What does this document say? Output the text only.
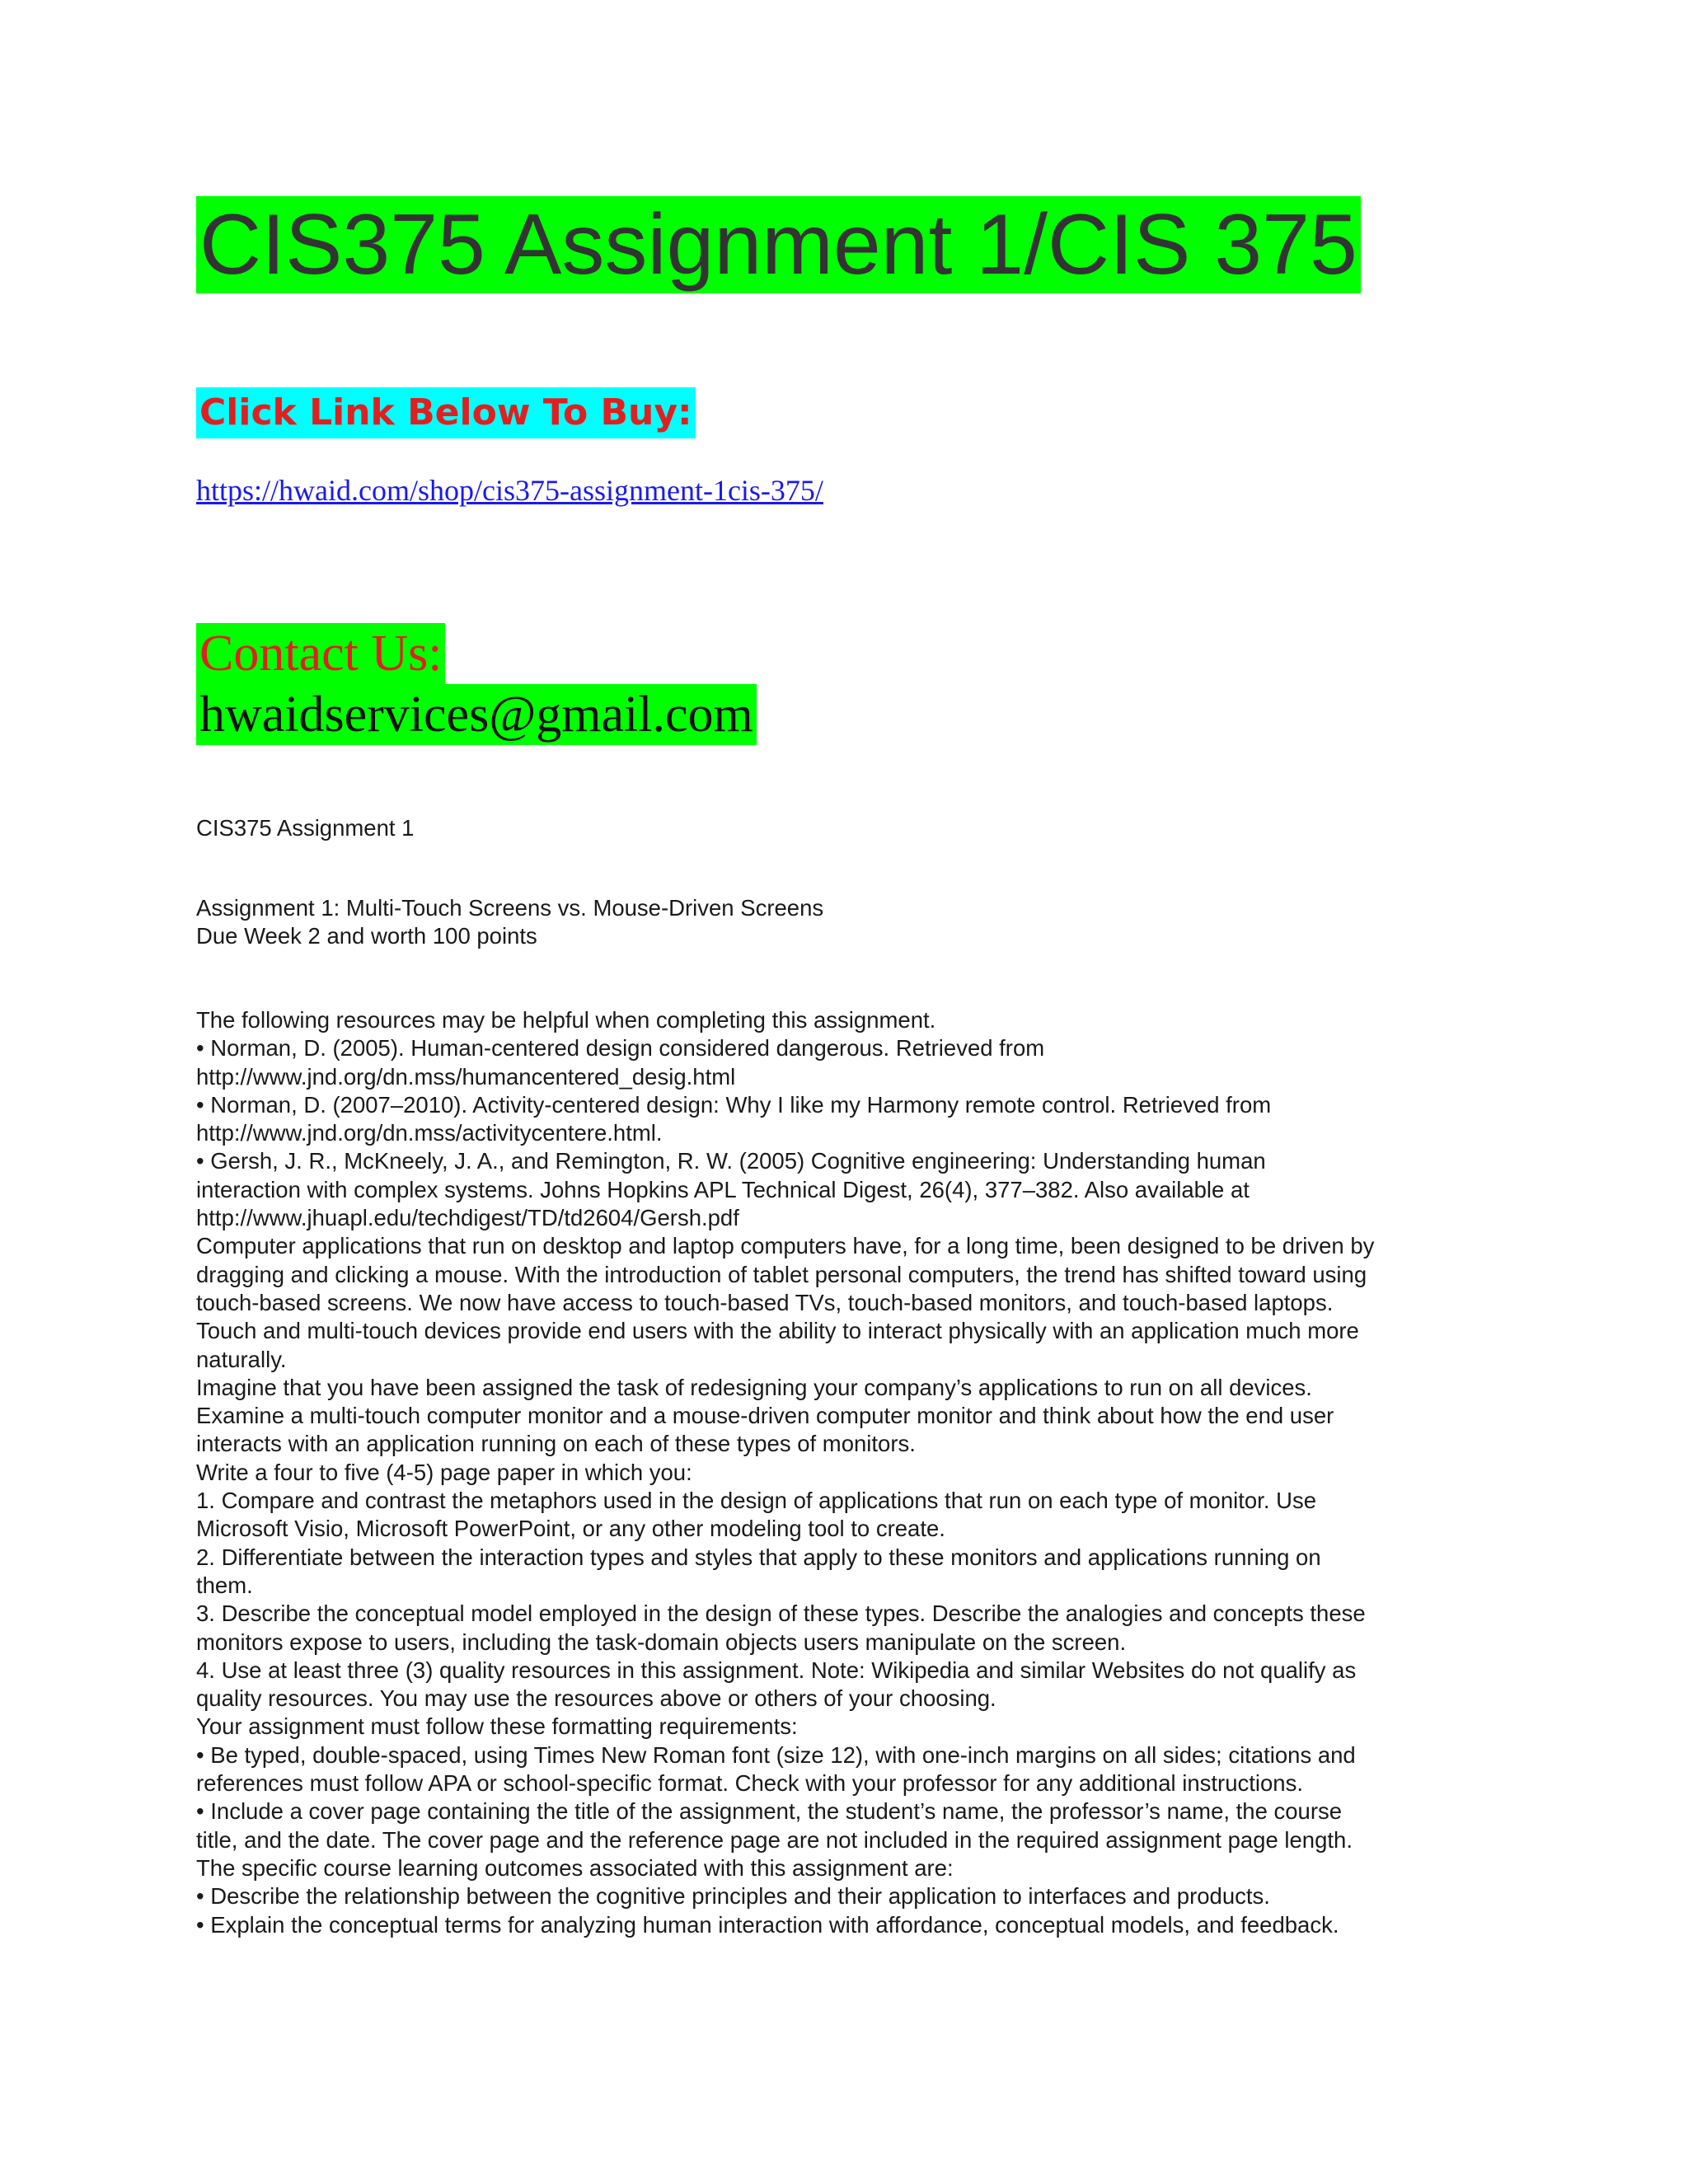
CIS375 Assignment 1/CIS 375
Click Link Below To Buy:
https://hwaid.com/shop/cis375-assignment-1cis-375/
Contact Us:
hwaidservices@gmail.com

CIS375 Assignment 1

Assignment 1: Multi-Touch Screens vs. Mouse-Driven Screens

Due Week 2 and worth 100 points

The following resources may be helpful when completing this assignment.

• Norman, D. (2005). Human-centered design considered dangerous. Retrieved from

http://www.jnd.org/dn.mss/humancentered_desig.html

• Norman, D. (2007–2010). Activity-centered design: Why I like my Harmony remote control. Retrieved from

http://www.jnd.org/dn.mss/activitycentere.html.

• Gersh, J. R., McKneely, J. A., and Remington, R. W. (2005) Cognitive engineering: Understanding human

interaction with complex systems. Johns Hopkins APL Technical Digest, 26(4), 377–382. Also available at

http://www.jhuapl.edu/techdigest/TD/td2604/Gersh.pdf

Computer applications that run on desktop and laptop computers have, for a long time, been designed to be driven by

dragging and clicking a mouse. With the introduction of tablet personal computers, the trend has shifted toward using

touch-based screens. We now have access to touch-based TVs, touch-based monitors, and touch-based laptops.

Touch and multi-touch devices provide end users with the ability to interact physically with an application much more

naturally.

Imagine that you have been assigned the task of redesigning your company’s applications to run on all devices.

Examine a multi-touch computer monitor and a mouse-driven computer monitor and think about how the end user

interacts with an application running on each of these types of monitors.

Write a four to five (4-5) page paper in which you:

1. Compare and contrast the metaphors used in the design of applications that run on each type of monitor. Use

Microsoft Visio, Microsoft PowerPoint, or any other modeling tool to create.

2. Differentiate between the interaction types and styles that apply to these monitors and applications running on

them.

3. Describe the conceptual model employed in the design of these types. Describe the analogies and concepts these

monitors expose to users, including the task-domain objects users manipulate on the screen.

4. Use at least three (3) quality resources in this assignment. Note: Wikipedia and similar Websites do not qualify as

quality resources. You may use the resources above or others of your choosing.

Your assignment must follow these formatting requirements:

• Be typed, double-spaced, using Times New Roman font (size 12), with one-inch margins on all sides; citations and

references must follow APA or school-specific format. Check with your professor for any additional instructions.

• Include a cover page containing the title of the assignment, the student’s name, the professor’s name, the course

title, and the date. The cover page and the reference page are not included in the required assignment page length.

The specific course learning outcomes associated with this assignment are:

• Describe the relationship between the cognitive principles and their application to interfaces and products.

• Explain the conceptual terms for analyzing human interaction with affordance, conceptual models, and feedback.
